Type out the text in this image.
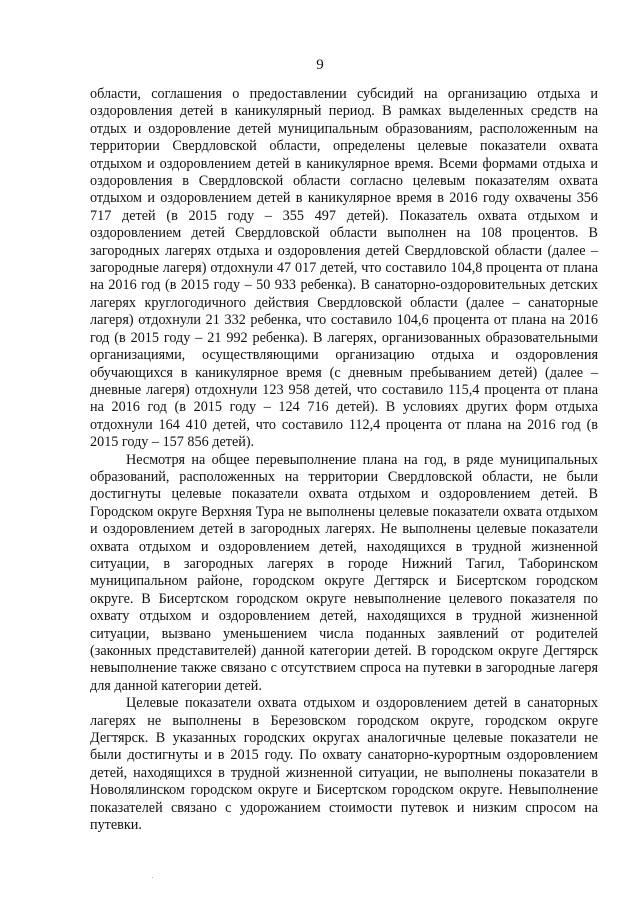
9

области, соглашения о предоставлении субсидий на организацию отдыха и оздоровления детей в каникулярный период. В рамках выделенных средств на отдых и оздоровление детей муниципальным образованиям, расположенным на территории Свердловской области, определены целевые показатели охвата отдыхом и оздоровлением детей в каникулярное время. Всеми формами отдыха и оздоровления в Свердловской области согласно целевым показателям охвата отдыхом и оздоровлением детей в каникулярное время в 2016 году охвачены 356 717 детей (в 2015 году – 355 497 детей). Показатель охвата отдыхом и оздоровлением детей Свердловской области выполнен на 108 процентов. В загородных лагерях отдыха и оздоровления детей Свердловской области (далее – загородные лагеря) отдохнули 47 017 детей, что составило 104,8 процента от плана на 2016 год (в 2015 году – 50 933 ребенка). В санаторно-оздоровительных детских лагерях круглогодичного действия Свердловской области (далее – санаторные лагеря) отдохнули 21 332 ребенка, что составило 104,6 процента от плана на 2016 год (в 2015 году – 21 992 ребенка). В лагерях, организованных образовательными организациями, осуществляющими организацию отдыха и оздоровления обучающихся в каникулярное время (с дневным пребыванием детей) (далее – дневные лагеря) отдохнули 123 958 детей, что составило 115,4 процента от плана на 2016 год (в 2015 году – 124 716 детей). В условиях других форм отдыха отдохнули 164 410 детей, что составило 112,4 процента от плана на 2016 год (в 2015 году – 157 856 детей).

Несмотря на общее перевыполнение плана на год, в ряде муниципальных образований, расположенных на территории Свердловской области, не были достигнуты целевые показатели охвата отдыхом и оздоровлением детей. В Городском округе Верхняя Тура не выполнены целевые показатели охвата отдыхом и оздоровлением детей в загородных лагерях. Не выполнены целевые показатели охвата отдыхом и оздоровлением детей, находящихся в трудной жизненной ситуации, в загородных лагерях в городе Нижний Тагил, Таборинском муниципальном районе, городском округе Дегтярск и Бисертском городском округе. В Бисертском городском округе невыполнение целевого показателя по охвату отдыхом и оздоровлением детей, находящихся в трудной жизненной ситуации, вызвано уменьшением числа поданных заявлений от родителей (законных представителей) данной категории детей. В городском округе Дегтярск невыполнение также связано с отсутствием спроса на путевки в загородные лагеря для данной категории детей.

Целевые показатели охвата отдыхом и оздоровлением детей в санаторных лагерях не выполнены в Березовском городском округе, городском округе Дегтярск. В указанных городских округах аналогичные целевые показатели не были достигнуты и в 2015 году. По охвату санаторно-курортным оздоровлением детей, находящихся в трудной жизненной ситуации, не выполнены показатели в Новолялинском городском округе и Бисертском городском округе. Невыполнение показателей связано с удорожанием стоимости путевок и низким спросом на путевки.
